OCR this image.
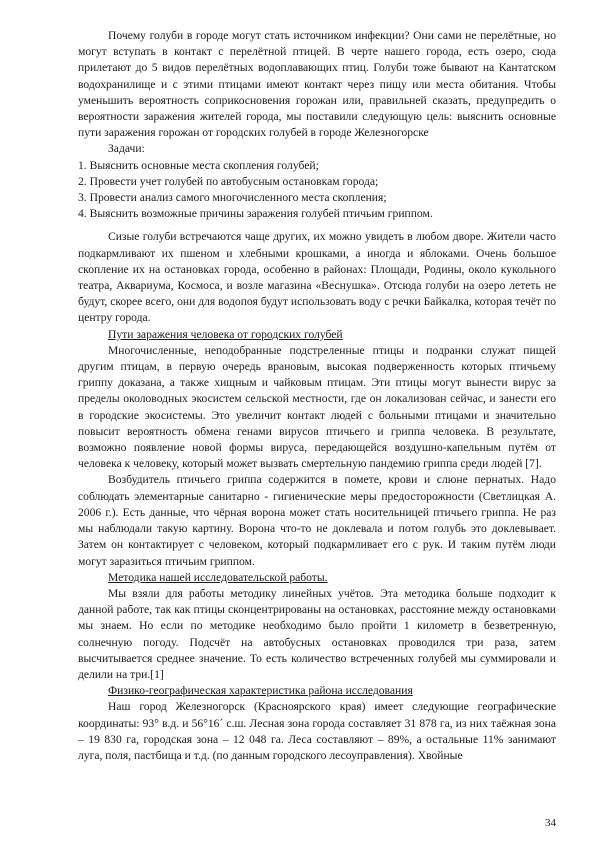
Почему голуби в городе могут стать источником инфекции? Они сами не перелётные, но могут вступать в контакт с перелётной птицей. В черте нашего города, есть озеро, сюда прилетают до 5 видов перелётных водоплавающих птиц. Голуби тоже бывают на Кантатском водохранилище и с этими птицами имеют контакт через пищу или места обитания. Чтобы уменьшить вероятность соприкосновения горожан или, правильней сказать, предупредить о вероятности заражения жителей города, мы поставили следующую цель: выяснить основные пути заражения горожан от городских голубей в городе Железногорске

Задачи:

1. Выяснить основные места скопления голубей;

2. Провести учет голубей по автобусным остановкам города;

3. Провести анализ самого многочисленного места скопления;

4. Выяснить возможные причины заражения голубей птичьим гриппом.

Сизые голуби встречаются чаще других, их можно увидеть в любом дворе. Жители часто подкармливают их пшеном и хлебными крошками, а иногда и яблоками. Очень большое скопление их на остановках города, особенно в районах: Площади, Родины, около кукольного театра, Аквариума, Космоса, и возле магазина «Веснушка». Отсюда голуби на озеро лететь не будут, скорее всего, они для водопоя будут использовать воду с речки Байкалка, которая течёт по центру города.

Пути заражения человека от городских голубей

Многочисленные, неподобранные подстреленные птицы и подранки служат пищей другим птицам, в первую очередь врановым, высокая подверженность которых птичьему гриппу доказана, а также хищным и чайковым птицам. Эти птицы могут вынести вирус за пределы околоводных экосистем сельской местности, где он локализован сейчас, и занести его в городские экосистемы. Это увеличит контакт людей с больными птицами и значительно повысит вероятность обмена генами вирусов птичьего и гриппа человека. В результате, возможно появление новой формы вируса, передающейся воздушно-капельным путём от человека к человеку, который может вызвать смертельную пандемию гриппа среди людей [7].

Возбудитель птичьего гриппа содержится в помете, крови и слюне пернатых. Надо соблюдать элементарные санитарно - гигиенические меры предосторожности (Светлицкая А. 2006 г.). Есть данные, что чёрная ворона может стать носительницей птичьего гриппа. Не раз мы наблюдали такую картину. Ворона что-то не доклевала и потом голубь это доклевывает. Затем он контактирует с человеком, который подкармливает его с рук. И таким путём люди могут заразиться птичьим гриппом.

Методика нашей исследовательской работы.

Мы взяли для работы методику линейных учётов. Эта методика больше подходит к данной работе, так как птицы сконцентрированы на остановках, расстояние между остановками мы знаем. Но если по методике необходимо было пройти 1 километр в безветренную, солнечную погоду. Подсчёт на автобусных остановках проводился три раза, затем высчитывается среднее значение. То есть количество встреченных голубей мы суммировали и делили на три.[1]

Физико-географическая характеристика района исследования

Наш город Железногорск (Красноярского края) имеет следующие географические координаты: 93° в.д. и 56°16´ с.ш. Лесная зона города составляет 31 878 га, из них таёжная зона – 19 830 га, городская зона – 12 048 га. Леса составляют – 89%, а остальные 11% занимают луга, поля, пастбища и т.д. (по данным городского лесоуправления). Хвойные

34
